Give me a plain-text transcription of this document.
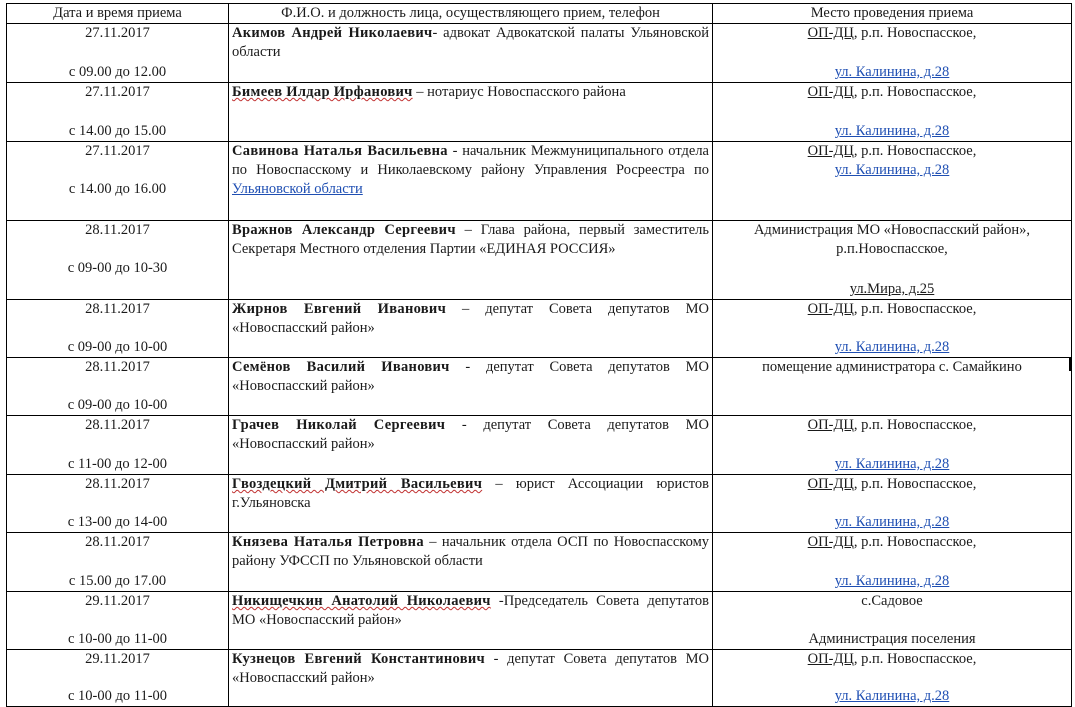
Дата и время приема	Ф.И.О. и должность лица, осуществляющего прием, телефон	Место проведения приема

27.11.2017
с 09.00 до 12.00	Акимов Андрей Николаевич- адвокат Адвокатской палаты Ульяновской области	ОП-ДЦ, р.п. Новоспасское,
ул. Калинина, д.28

27.11.2017
с 14.00 до 15.00	Бимеев Илдар Ирфанович – нотариус Новоспасского района	ОП-ДЦ, р.п. Новоспасское,
ул. Калинина, д.28

27.11.2017
с 14.00 до 16.00	Савинова Наталья Васильевна - начальник Межмуниципального отдела по Новоспасскому и Николаевскому району Управления Росреестра по Ульяновской области	ОП-ДЦ, р.п. Новоспасское,
ул. Калинина, д.28

28.11.2017
с 09-00 до 10-30	Вражнов Александр Сергеевич – Глава района, первый заместитель Секретаря Местного отделения Партии «ЕДИНАЯ РОССИЯ»	Администрация МО «Новоспасский район»,
р.п.Новоспасское,
ул.Мира, д.25

28.11.2017
с 09-00 до 10-00	Жирнов Евгений Иванович – депутат Совета депутатов МО «Новоспасский район»	ОП-ДЦ, р.п. Новоспасское,
ул. Калинина, д.28

28.11.2017
с 09-00 до 10-00	Семёнов Василий Иванович - депутат Совета депутатов МО «Новоспасский район»	помещение администратора с. Самайкино

28.11.2017
с 11-00 до 12-00	Грачев Николай Сергеевич - депутат Совета депутатов МО «Новоспасский район»	ОП-ДЦ, р.п. Новоспасское,
ул. Калинина, д.28

28.11.2017
с 13-00 до 14-00	Гвоздецкий Дмитрий Васильевич – юрист Ассоциации юристов г.Ульяновска	ОП-ДЦ, р.п. Новоспасское,
ул. Калинина, д.28

28.11.2017
с 15.00 до 17.00	Князева Наталья Петровна – начальник отдела ОСП по Новоспасскому району УФССП по Ульяновской области	ОП-ДЦ, р.п. Новоспасское,
ул. Калинина, д.28

29.11.2017
с 10-00 до 11-00	Никищечкин Анатолий Николаевич -Председатель Совета депутатов МО «Новоспасский район»	с.Садовое
Администрация поселения

29.11.2017
с 10-00 до 11-00	Кузнецов Евгений Константинович - депутат Совета депутатов МО «Новоспасский район»	ОП-ДЦ, р.п. Новоспасское,
ул. Калинина, д.28
